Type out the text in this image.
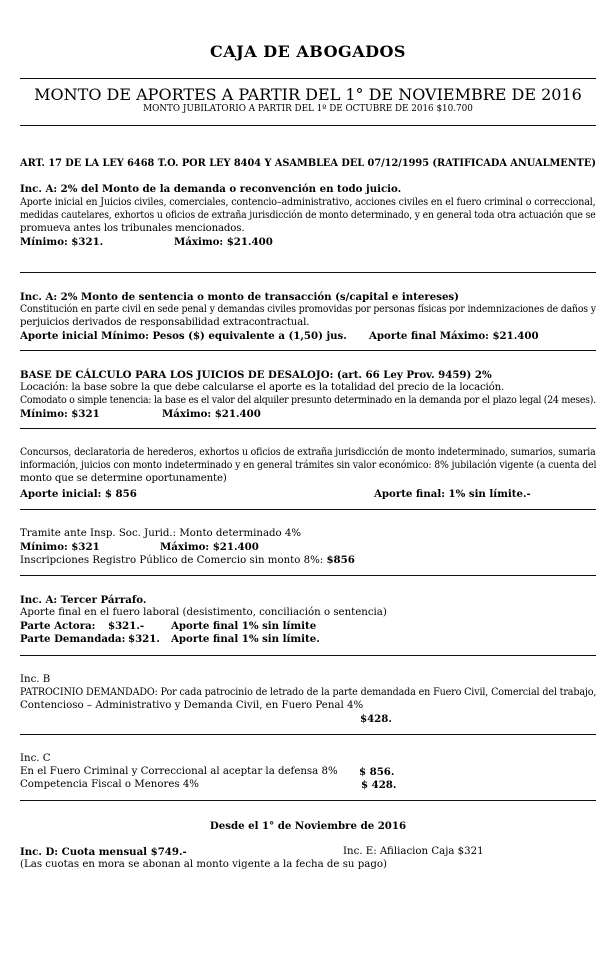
CAJA DE ABOGADOS
MONTO DE APORTES A PARTIR DEL 1° DE NOVIEMBRE DE 2016
MONTO JUBILATORIO A PARTIR DEL 1º DE OCTUBRE DE 2016 $10.700
ART. 17 DE LA LEY 6468 T.O. POR LEY 8404 Y ASAMBLEA DEL 07/12/1995 (RATIFICADA ANUALMENTE)
Inc. A: 2% del Monto de la demanda o reconvención en todo juicio.
Aporte inicial en Juicios civiles, comerciales, contencio–administrativo, acciones civiles en el fuero criminal o correccional,
medidas cautelares, exhortos u oficios de extraña jurisdicción de monto determinado, y en general toda otra actuación que se
promueva antes los tribunales mencionados.
Mínimo: $321.	Máximo: $21.400
Inc. A: 2% Monto de sentencia o monto de transacción (s/capital e intereses)
Constitución en parte civil en sede penal y demandas civiles promovidas por personas físicas por indemnizaciones de daños y
perjuicios derivados de responsabilidad extracontractual.
Aporte inicial Mínimo: Pesos ($) equivalente a (1,50) jus. Aporte final Máximo: $21.400
BASE DE CÁLCULO PARA LOS JUICIOS DE DESALOJO: (art. 66 Ley Prov. 9459) 2%
Locación: la base sobre la que debe calcularse el aporte es la totalidad del precio de la locación.
Comodato o simple tenencia: la base es el valor del alquiler presunto determinado en la demanda por el plazo legal (24 meses).
Mínimo: $321	Máximo: $21.400
Concursos, declaratoria de herederos, exhortos u oficios de extraña jurisdicción de monto indeterminado, sumarios, sumaria
información, juicios con monto indeterminado y en general trámites sin valor económico: 8% jubilación vigente (a cuenta del
monto que se determine oportunamente)
Aporte inicial: $ 856	Aporte final: 1% sin límite.-
Tramite ante Insp. Soc. Jurid.: Monto determinado 4%
Mínimo: $321	Máximo: $21.400
Inscripciones Registro Público de Comercio sin monto 8%: $856
Inc. A: Tercer Párrafo.
Aporte final en el fuero laboral (desistimento, conciliación o sentencia)
Parte Actora: $321.-	Aporte final 1% sin límite
Parte Demandada: $321. Aporte final 1% sin límite.
Inc. B
PATROCINIO DEMANDADO: Por cada patrocinio de letrado de la parte demandada en Fuero Civil, Comercial del trabajo,
Contencioso – Administrativo y Demanda Civil, en Fuero Penal 4%
$428.
Inc. C
En el Fuero Criminal y Correccional al aceptar la defensa 8%	$ 856.
Competencia Fiscal o Menores 4%	$ 428.
Desde el 1° de Noviembre de 2016
Inc. D: Cuota mensual $749.-	Inc. E: Afiliacion Caja $321
(Las cuotas en mora se abonan al monto vigente a la fecha de su pago)
